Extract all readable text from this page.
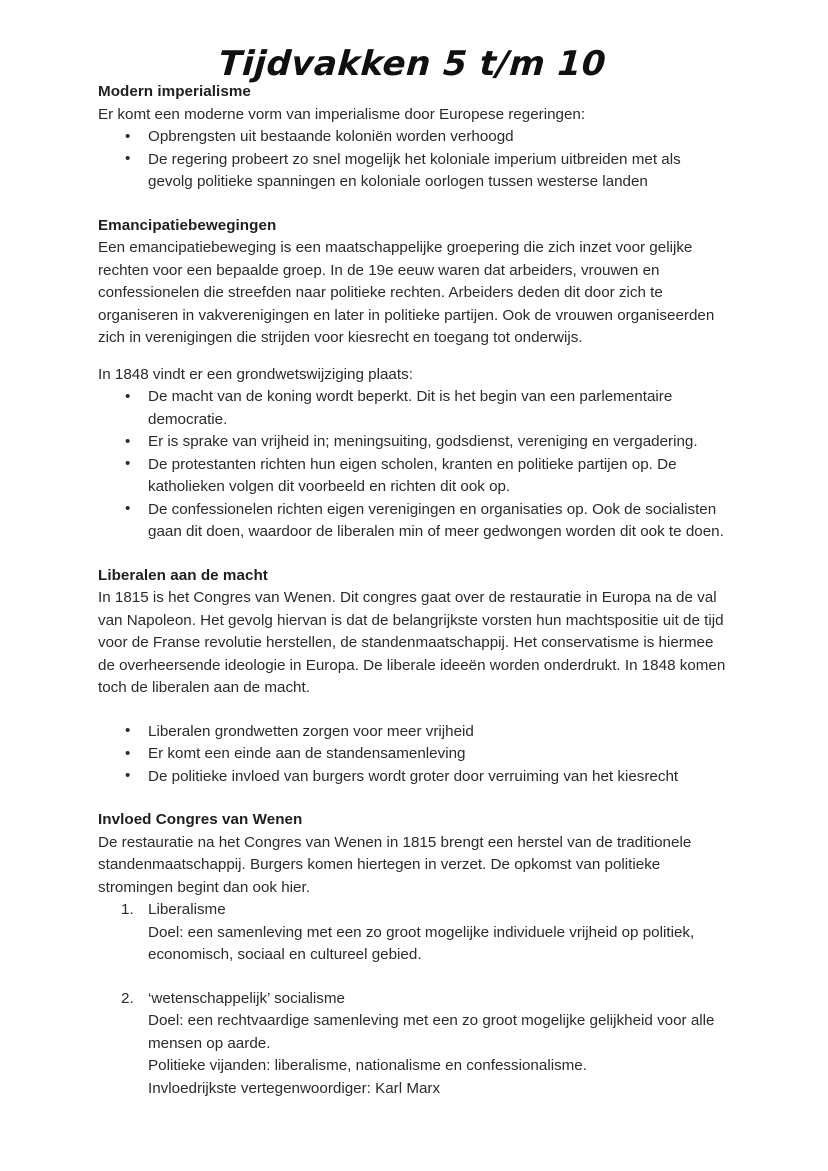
Tijdvakken 5 t/m 10
Modern imperialisme

Er komt een moderne vorm van imperialisme door Europese regeringen:

• Opbrengsten uit bestaande koloniën worden verhoogd
• De regering probeert zo snel mogelijk het koloniale imperium uitbreiden met als gevolg politieke spanningen en koloniale oorlogen tussen westerse landen
Emancipatiebewegingen

Een emancipatiebeweging is een maatschappelijke groepering die zich inzet voor gelijke rechten voor een bepaalde groep. In de 19e eeuw waren dat arbeiders, vrouwen en confessionelen die streefden naar politieke rechten. Arbeiders deden dit door zich te organiseren in vakverenigingen en later in politieke partijen. Ook de vrouwen organiseerden zich in verenigingen die strijden voor kiesrecht en toegang tot onderwijs.

In 1848 vindt er een grondwetswijziging plaats:

• De macht van de koning wordt beperkt. Dit is het begin van een parlementaire democratie.
• Er is sprake van vrijheid in; meningsuiting, godsdienst, vereniging en vergadering.
• De protestanten richten hun eigen scholen, kranten en politieke partijen op. De katholieken volgen dit voorbeeld en richten dit ook op.
• De confessionelen richten eigen verenigingen en organisaties op. Ook de socialisten gaan dit doen, waardoor de liberalen min of meer gedwongen worden dit ook te doen.
Liberalen aan de macht

In 1815 is het Congres van Wenen. Dit congres gaat over de restauratie in Europa na de val van Napoleon. Het gevolg hiervan is dat de belangrijkste vorsten hun machtspositie uit de tijd voor de Franse revolutie herstellen, de standenmaatschappij. Het conservatisme is hiermee de overheersende ideologie in Europa. De liberale ideeën worden onderdrukt. In 1848 komen toch de liberalen aan de macht.

• Liberalen grondwetten zorgen voor meer vrijheid
• Er komt een einde aan de standensamenleving
• De politieke invloed van burgers wordt groter door verruiming van het kiesrecht
Invloed Congres van Wenen

De restauratie na het Congres van Wenen in 1815 brengt een herstel van de traditionele standenmaatschappij. Burgers komen hiertegen in verzet. De opkomst van politieke stromingen begint dan ook hier.

Liberalisme
Doel: een samenleving met een zo groot mogelijke individuele vrijheid op politiek, economisch, sociaal en cultureel gebied.
‘wetenschappelijk’ socialisme
Doel: een rechtvaardige samenleving met een zo groot mogelijke gelijkheid voor alle mensen op aarde.
Politieke vijanden: liberalisme, nationalisme en confessionalisme.
Invloedrijkste vertegenwoordiger: Karl Marx
